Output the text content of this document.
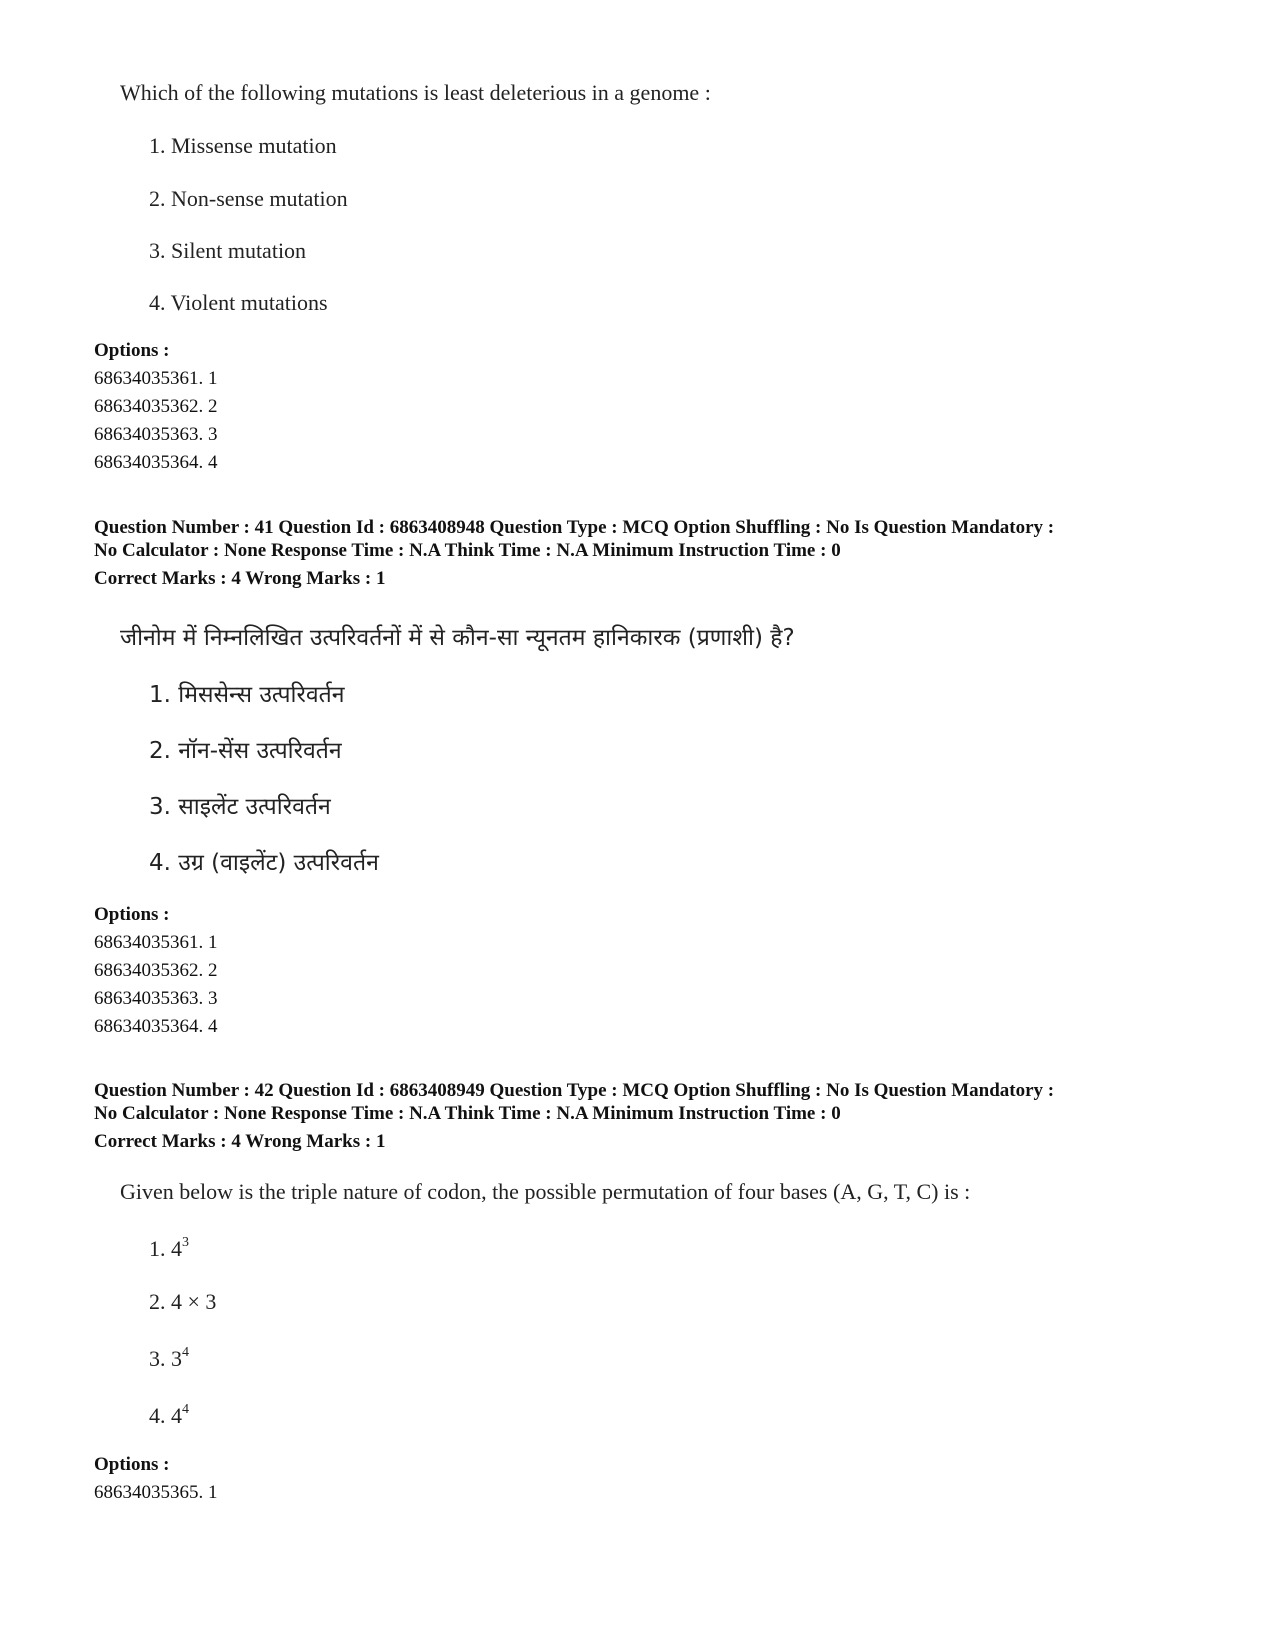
Which of the following mutations is least deleterious in a genome :
1. Missense mutation
2. Non-sense mutation
3. Silent mutation
4. Violent mutations
Options :
68634035361. 1
68634035362. 2
68634035363. 3
68634035364. 4
Question Number : 41 Question Id : 6863408948 Question Type : MCQ Option Shuffling : No Is Question Mandatory :
No Calculator : None Response Time : N.A Think Time : N.A Minimum Instruction Time : 0
Correct Marks : 4 Wrong Marks : 1
जीनोम में निम्नलिखित उत्परिवर्तनों में से कौन-सा न्यूनतम हानिकारक (प्रणाशी) है?
1. मिससेन्स उत्परिवर्तन
2. नॉन-सेंस उत्परिवर्तन
3. साइलेंट उत्परिवर्तन
4. उग्र (वाइलेंट) उत्परिवर्तन
Options :
68634035361. 1
68634035362. 2
68634035363. 3
68634035364. 4
Question Number : 42 Question Id : 6863408949 Question Type : MCQ Option Shuffling : No Is Question Mandatory :
No Calculator : None Response Time : N.A Think Time : N.A Minimum Instruction Time : 0
Correct Marks : 4 Wrong Marks : 1
Given below is the triple nature of codon, the possible permutation of four bases (A, G, T, C) is :
1. $4^3$
2. 4 × 3
3. $3^4$
4. $4^4$
Options :
68634035365. 1
